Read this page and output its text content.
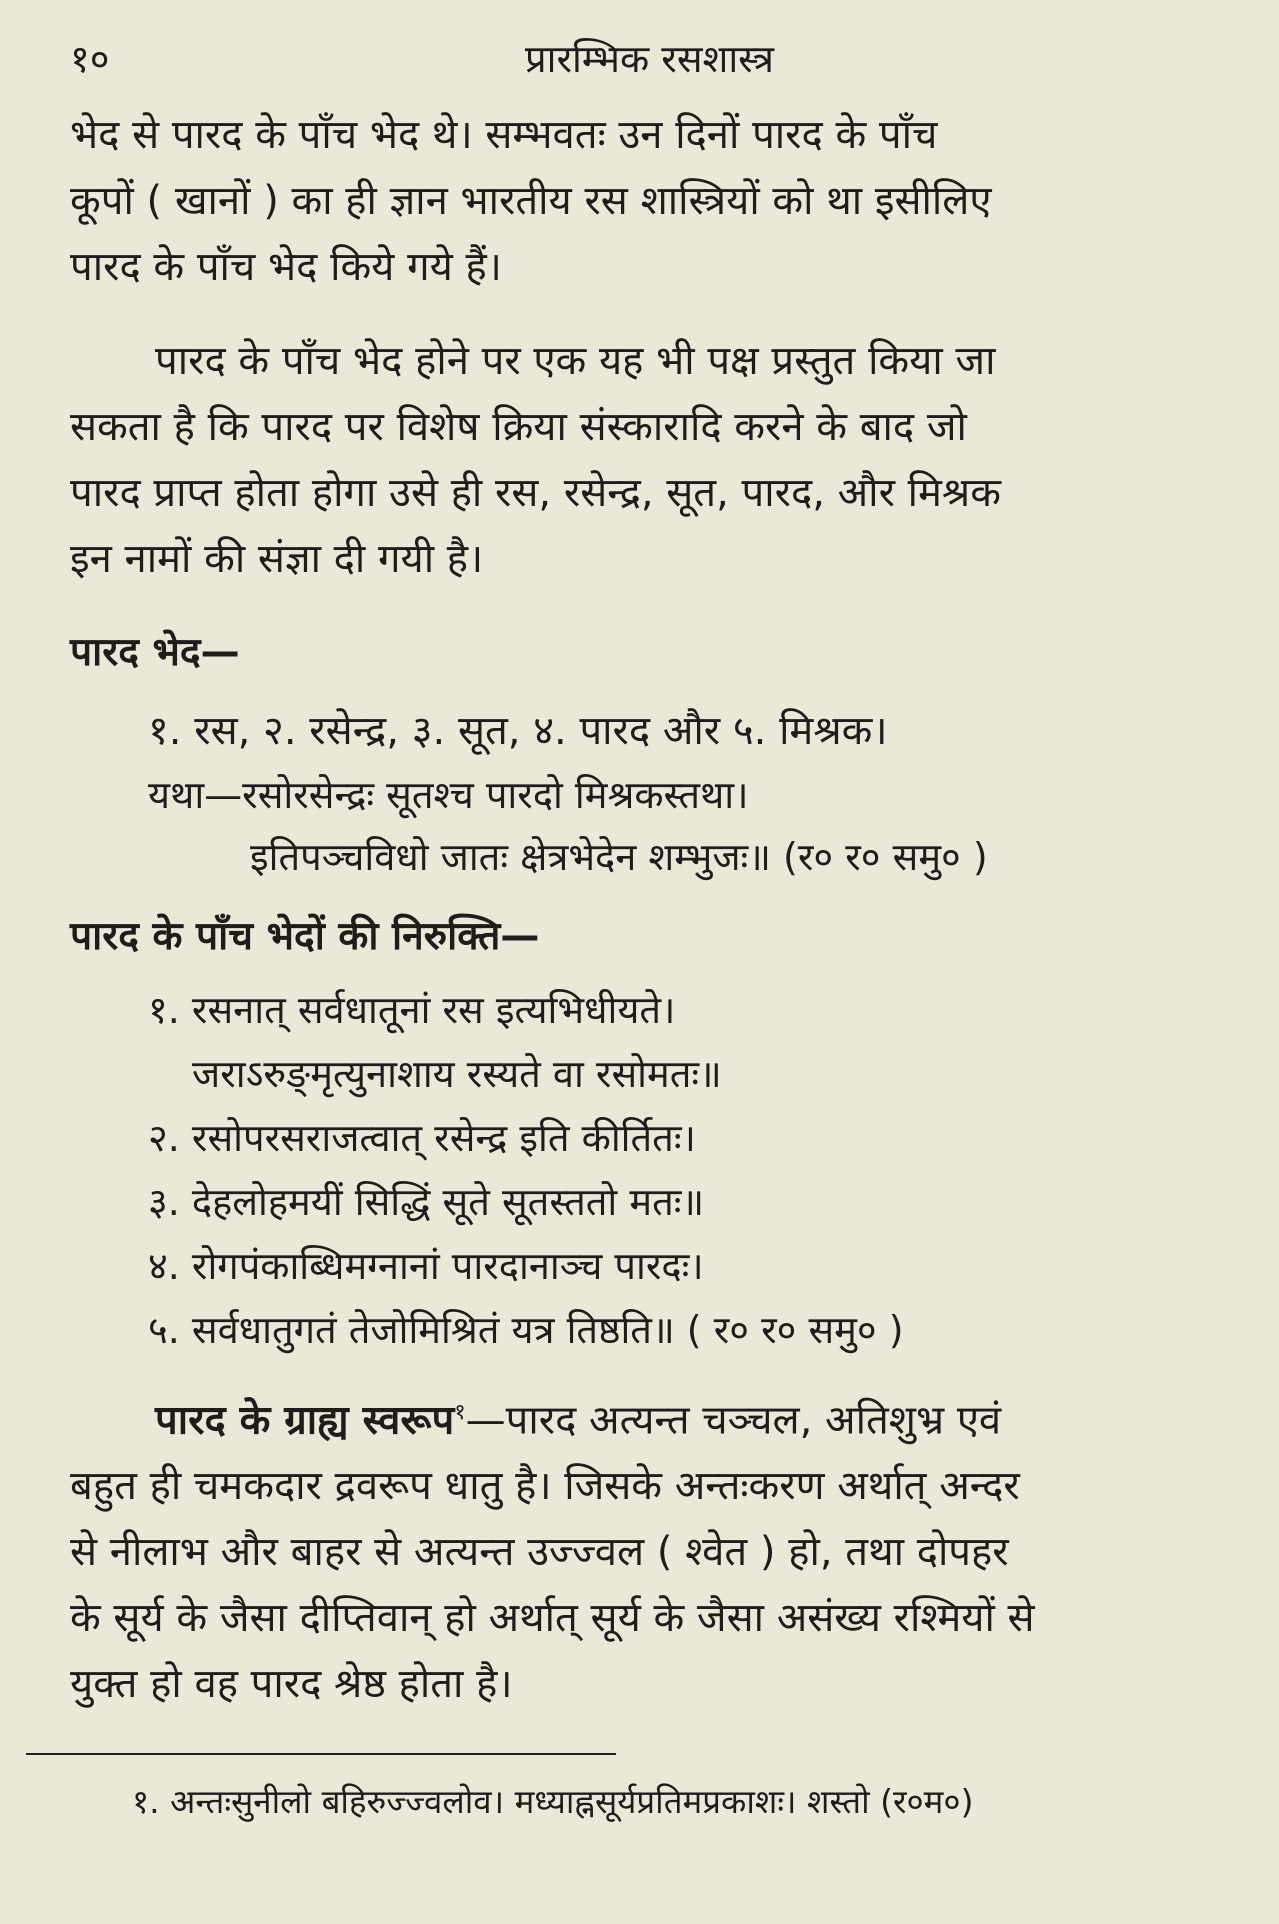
१०	प्रारम्भिक रसशास्त्र

भेद से पारद के पाँच भेद थे। सम्भवतः उन दिनों पारद के पाँच

कूपों ( खानों ) का ही ज्ञान भारतीय रस शास्त्रियों को था इसीलिए

पारद के पाँच भेद किये गये हैं।

पारद के पाँच भेद होने पर एक यह भी पक्ष प्रस्तुत किया जा

सकता है कि पारद पर विशेष क्रिया संस्कारादि करने के बाद जो

पारद प्राप्त होता होगा उसे ही रस, रसेन्द्र, सूत, पारद, और मिश्रक

इन नामों की संज्ञा दी गयी है।

पारद भेद—

१. रस, २. रसेन्द्र, ३. सूत, ४. पारद और ५. मिश्रक।

यथा—रसोरसेन्द्रः सूतश्च पारदो मिश्रकस्तथा।

इतिपञ्चविधो जातः क्षेत्रभेदेन शम्भुजः॥ (र० र० समु० )

पारद के पाँच भेदों की निरुक्ति—

१. रसनात् सर्वधातूनां रस इत्यभिधीयते।

जराऽरुङ्मृत्युनाशाय रस्यते वा रसोमतः॥

२. रसोपरसराजत्वात् रसेन्द्र इति कीर्तितः।

३. देहलोहमयीं सिद्धिं सूते सूतस्ततो मतः॥

४. रोगपंकाब्धिमग्नानां पारदानाञ्च पारदः।

५. सर्वधातुगतं तेजोमिश्रितं यत्र तिष्ठति॥ ( र० र० समु० )

पारद के ग्राह्य स्वरूप$^१$—पारद अत्यन्त चञ्चल, अतिशुभ्र एवं

बहुत ही चमकदार द्रवरूप धातु है। जिसके अन्तःकरण अर्थात् अन्दर

से नीलाभ और बाहर से अत्यन्त उज्ज्वल ( श्वेत ) हो, तथा दोपहर

के सूर्य के जैसा दीप्तिवान् हो अर्थात् सूर्य के जैसा असंख्य रश्मियों से

युक्त हो वह पारद श्रेष्ठ होता है।

१. अन्तःसुनीलो बहिरुज्ज्वलोव। मध्याह्नसूर्यप्रतिमप्रकाशः। शस्तो (र०म०)
